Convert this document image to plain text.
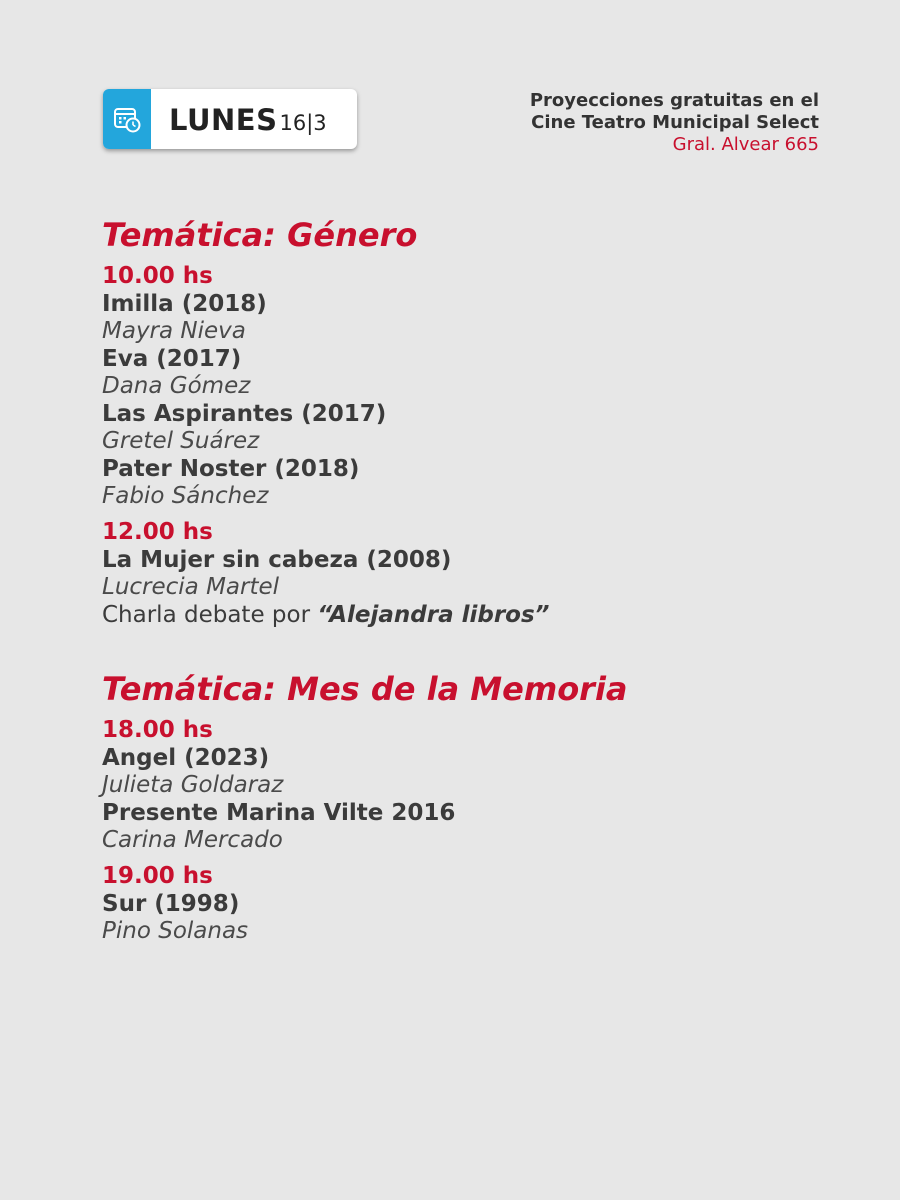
LUNES 16|3
Proyecciones gratuitas en el
Cine Teatro Municipal Select
Gral. Alvear 665
Temática: Género
10.00 hs
Imilla (2018)
Mayra Nieva
Eva (2017)
Dana Gómez
Las Aspirantes (2017)
Gretel Suárez
Pater Noster (2018)
Fabio Sánchez
12.00 hs
La Mujer sin cabeza (2008)
Lucrecia Martel
Charla debate por “Alejandra libros”
Temática: Mes de la Memoria
18.00 hs
Angel (2023)
Julieta Goldaraz
Presente Marina Vilte 2016
Carina Mercado
19.00 hs
Sur (1998)
Pino Solanas
